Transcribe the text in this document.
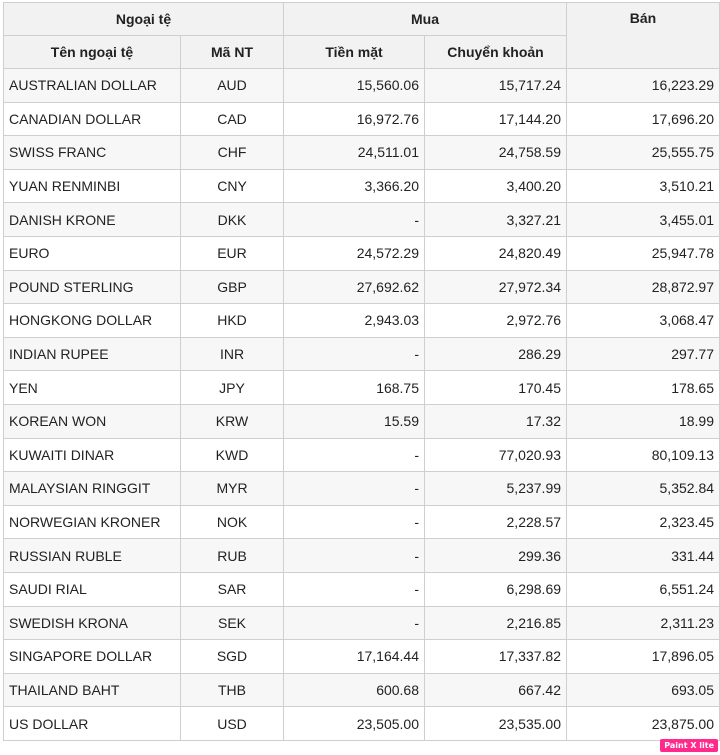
Ngoại tệ		Mua		Bán
Tên ngoại tệ	Mã NT	Tiền mặt	Chuyển khoản	
AUSTRALIAN DOLLAR	AUD	15,560.06	15,717.24	16,223.29
CANADIAN DOLLAR	CAD	16,972.76	17,144.20	17,696.20
SWISS FRANC	CHF	24,511.01	24,758.59	25,555.75
YUAN RENMINBI	CNY	3,366.20	3,400.20	3,510.21
DANISH KRONE	DKK	-	3,327.21	3,455.01
EURO	EUR	24,572.29	24,820.49	25,947.78
POUND STERLING	GBP	27,692.62	27,972.34	28,872.97
HONGKONG DOLLAR	HKD	2,943.03	2,972.76	3,068.47
INDIAN RUPEE	INR	-	286.29	297.77
YEN	JPY	168.75	170.45	178.65
KOREAN WON	KRW	15.59	17.32	18.99
KUWAITI DINAR	KWD	-	77,020.93	80,109.13
MALAYSIAN RINGGIT	MYR	-	5,237.99	5,352.84
NORWEGIAN KRONER	NOK	-	2,228.57	2,323.45
RUSSIAN RUBLE	RUB	-	299.36	331.44
SAUDI RIAL	SAR	-	6,298.69	6,551.24
SWEDISH KRONA	SEK	-	2,216.85	2,311.23
SINGAPORE DOLLAR	SGD	17,164.44	17,337.82	17,896.05
THAILAND BAHT	THB	600.68	667.42	693.05
US DOLLAR	USD	23,505.00	23,535.00	23,875.00
Paint X lite
